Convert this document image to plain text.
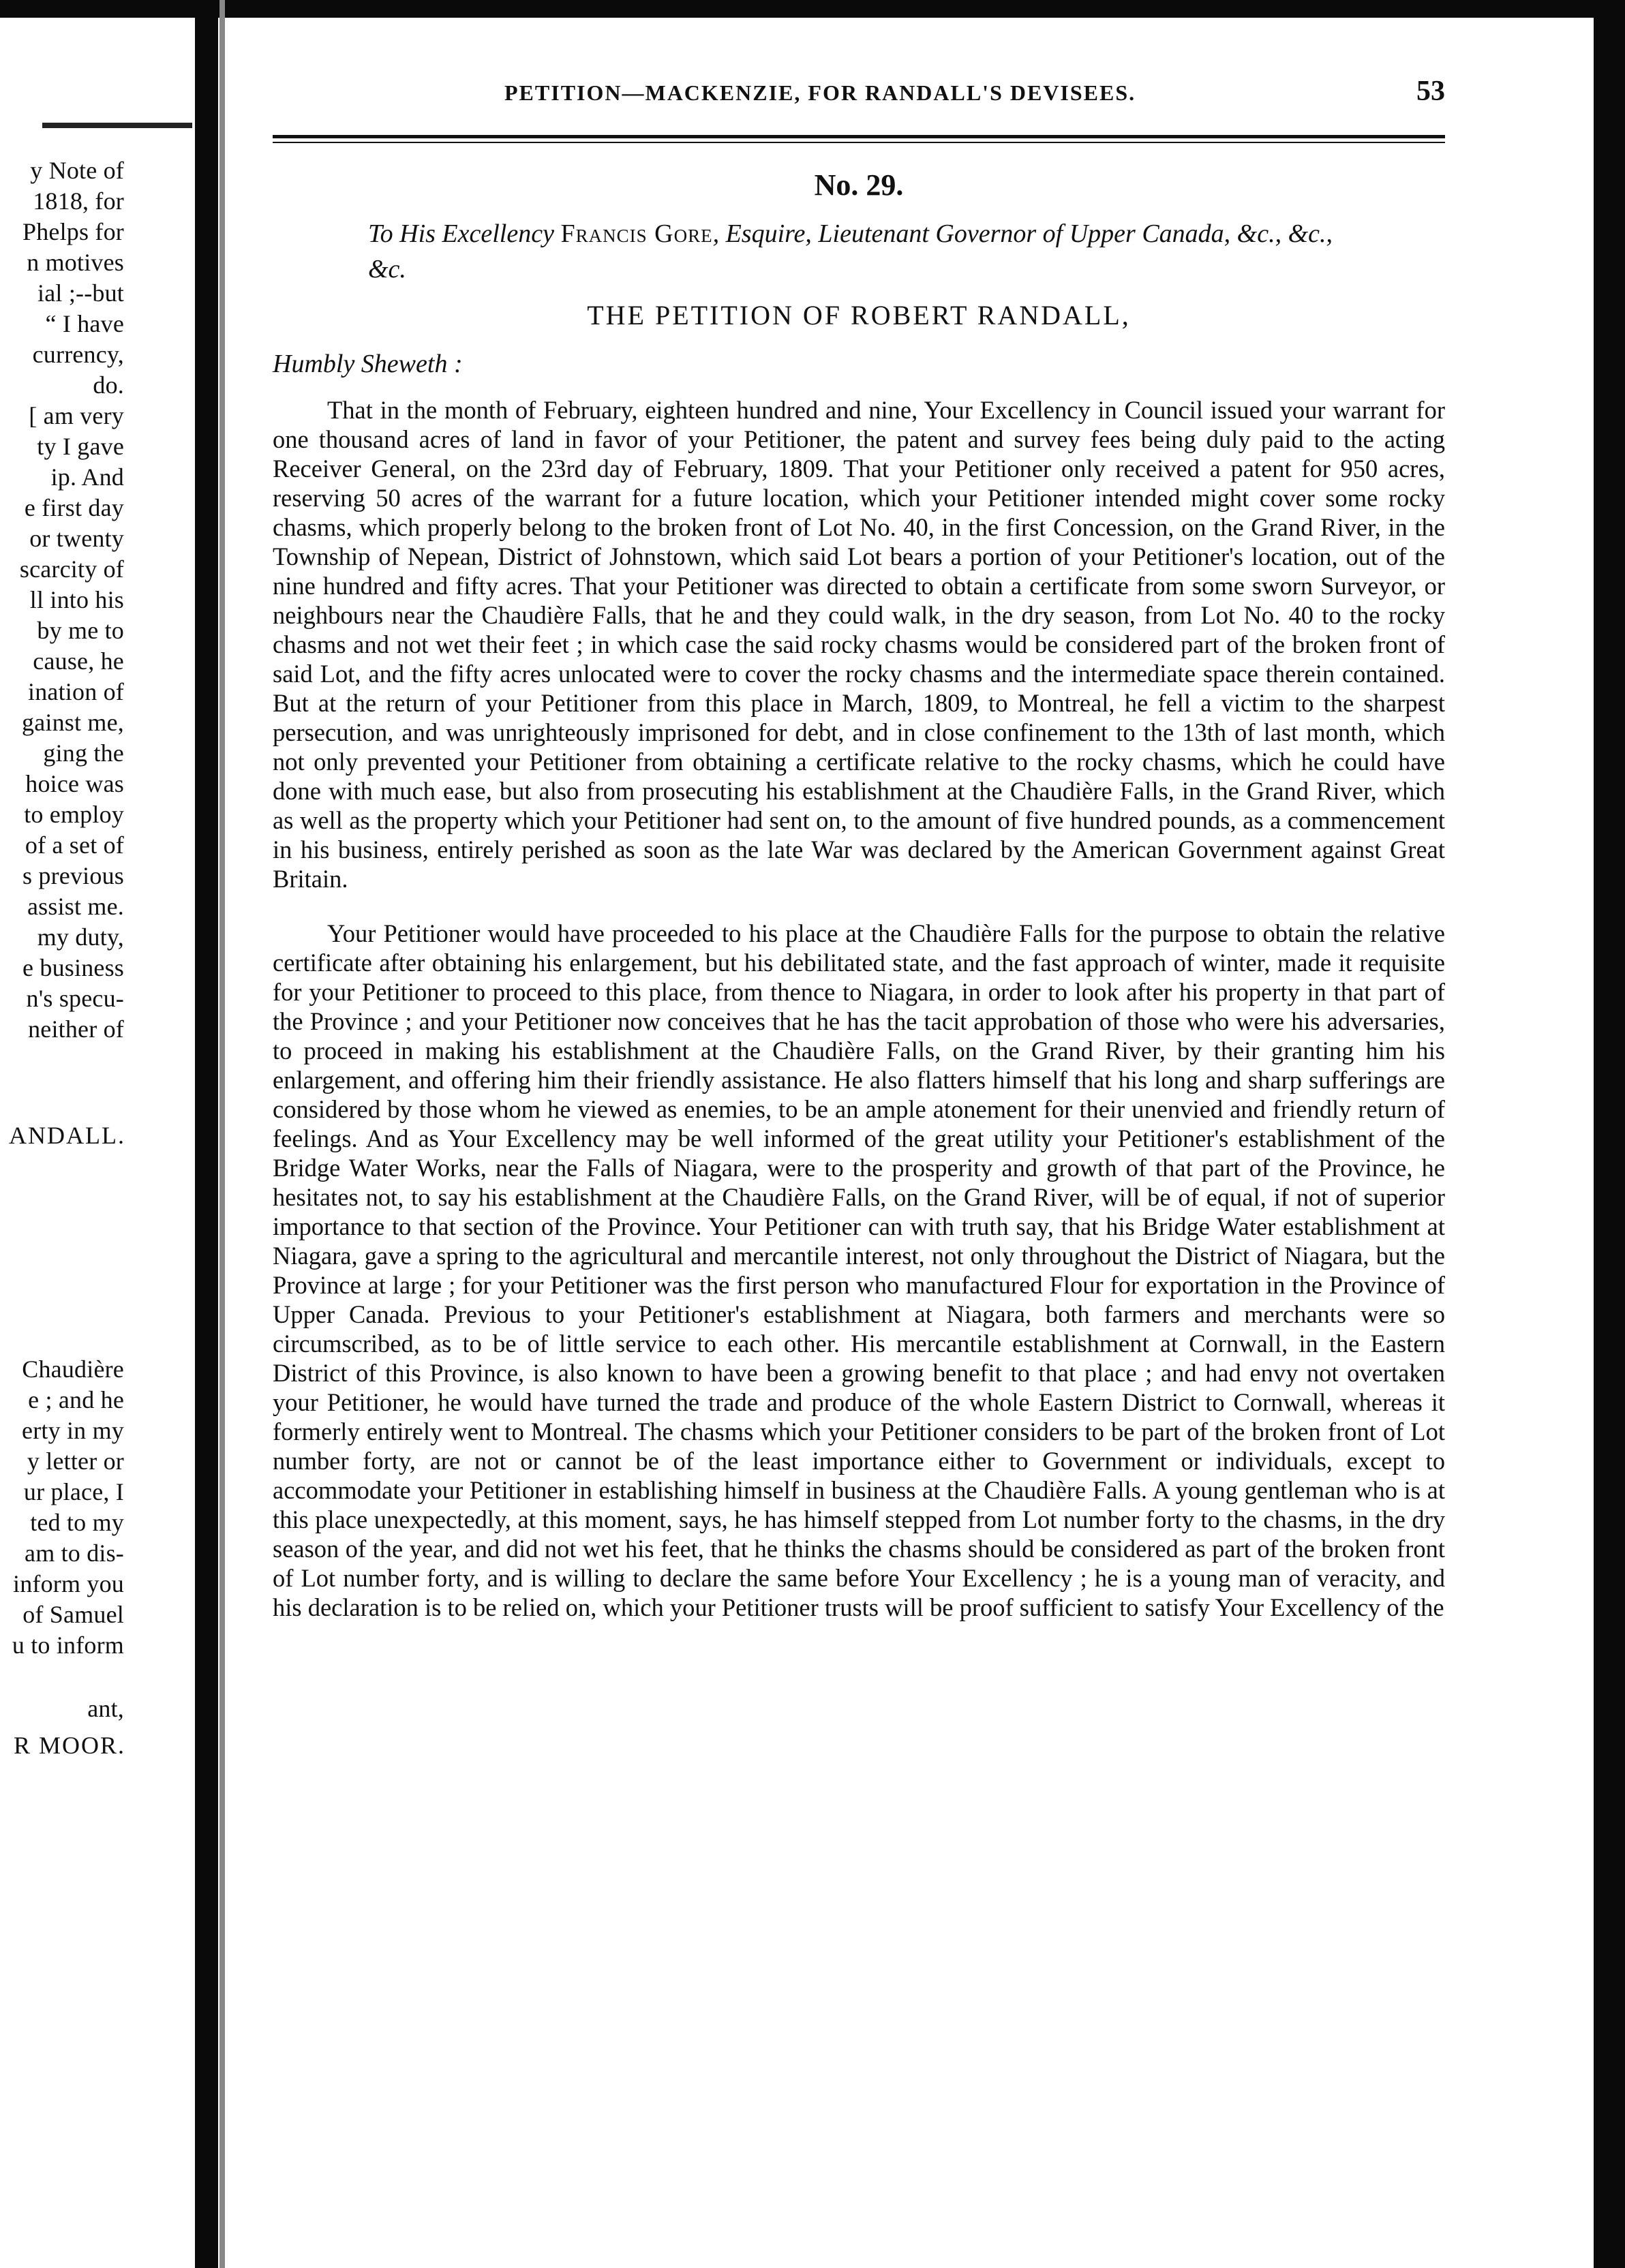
y Note of
1818, for
Phelps for
n motives
ial ;--but
“ I have
currency,
do.
[ am very
ty I gave
ip. And
e first day
or twenty
scarcity of
ll into his
by me to
cause, he
ination of
gainst me,
ging the
hoice was
to employ
of a set of
s previous
assist me.
my duty,
e business
n's specu-
neither of
ANDALL.
Chaudière
e ; and he
erty in my
y letter or
ur place, I
ted to my
am to dis-
inform you
of Samuel
u to inform
ant,
R MOOR.
PETITION—MACKENZIE, FOR RANDALL'S DEVISEES.	53
No. 29.
To His Excellency Francis Gore, Esquire, Lieutenant Governor of Upper Canada, &c., &c., &c.
THE PETITION OF ROBERT RANDALL,
Humbly Sheweth :

That in the month of February, eighteen hundred and nine, Your Excellency in Council issued your warrant for one thousand acres of land in favor of your Petitioner, the patent and survey fees being duly paid to the acting Receiver General, on the 23rd day of February, 1809. That your Petitioner only received a patent for 950 acres, reserving 50 acres of the warrant for a future location, which your Petitioner intended might cover some rocky chasms, which properly belong to the broken front of Lot No. 40, in the first Concession, on the Grand River, in the Township of Nepean, District of Johnstown, which said Lot bears a portion of your Petitioner's location, out of the nine hundred and fifty acres. That your Petitioner was directed to obtain a certificate from some sworn Surveyor, or neighbours near the Chaudière Falls, that he and they could walk, in the dry season, from Lot No. 40 to the rocky chasms and not wet their feet ; in which case the said rocky chasms would be considered part of the broken front of said Lot, and the fifty acres unlocated were to cover the rocky chasms and the intermediate space therein contained. But at the return of your Petitioner from this place in March, 1809, to Montreal, he fell a victim to the sharpest persecution, and was unrighteously imprisoned for debt, and in close confinement to the 13th of last month, which not only prevented your Petitioner from obtaining a certificate relative to the rocky chasms, which he could have done with much ease, but also from prosecuting his establishment at the Chaudière Falls, in the Grand River, which as well as the property which your Petitioner had sent on, to the amount of five hundred pounds, as a commencement in his business, entirely perished as soon as the late War was declared by the American Government against Great Britain.

Your Petitioner would have proceeded to his place at the Chaudière Falls for the purpose to obtain the relative certificate after obtaining his enlargement, but his debilitated state, and the fast approach of winter, made it requisite for your Petitioner to proceed to this place, from thence to Niagara, in order to look after his property in that part of the Province ; and your Petitioner now conceives that he has the tacit approbation of those who were his adversaries, to proceed in making his establishment at the Chaudière Falls, on the Grand River, by their granting him his enlargement, and offering him their friendly assistance. He also flatters himself that his long and sharp sufferings are considered by those whom he viewed as enemies, to be an ample atonement for their unenvied and friendly return of feelings. And as Your Excellency may be well informed of the great utility your Petitioner's establishment of the Bridge Water Works, near the Falls of Niagara, were to the prosperity and growth of that part of the Province, he hesitates not, to say his establishment at the Chaudière Falls, on the Grand River, will be of equal, if not of superior importance to that section of the Province. Your Petitioner can with truth say, that his Bridge Water establishment at Niagara, gave a spring to the agricultural and mercantile interest, not only throughout the District of Niagara, but the Province at large ; for your Petitioner was the first person who manufactured Flour for exportation in the Province of Upper Canada. Previous to your Petitioner's establishment at Niagara, both farmers and merchants were so circumscribed, as to be of little service to each other. His mercantile establishment at Cornwall, in the Eastern District of this Province, is also known to have been a growing benefit to that place ; and had envy not overtaken your Petitioner, he would have turned the trade and produce of the whole Eastern District to Cornwall, whereas it formerly entirely went to Montreal. The chasms which your Petitioner considers to be part of the broken front of Lot number forty, are not or cannot be of the least importance either to Government or individuals, except to accommodate your Petitioner in establishing himself in business at the Chaudière Falls. A young gentleman who is at this place unexpectedly, at this moment, says, he has himself stepped from Lot number forty to the chasms, in the dry season of the year, and did not wet his feet, that he thinks the chasms should be considered as part of the broken front of Lot number forty, and is willing to declare the same before Your Excellency ; he is a young man of veracity, and his declaration is to be relied on, which your Petitioner trusts will be proof sufficient to satisfy Your Excellency of the
